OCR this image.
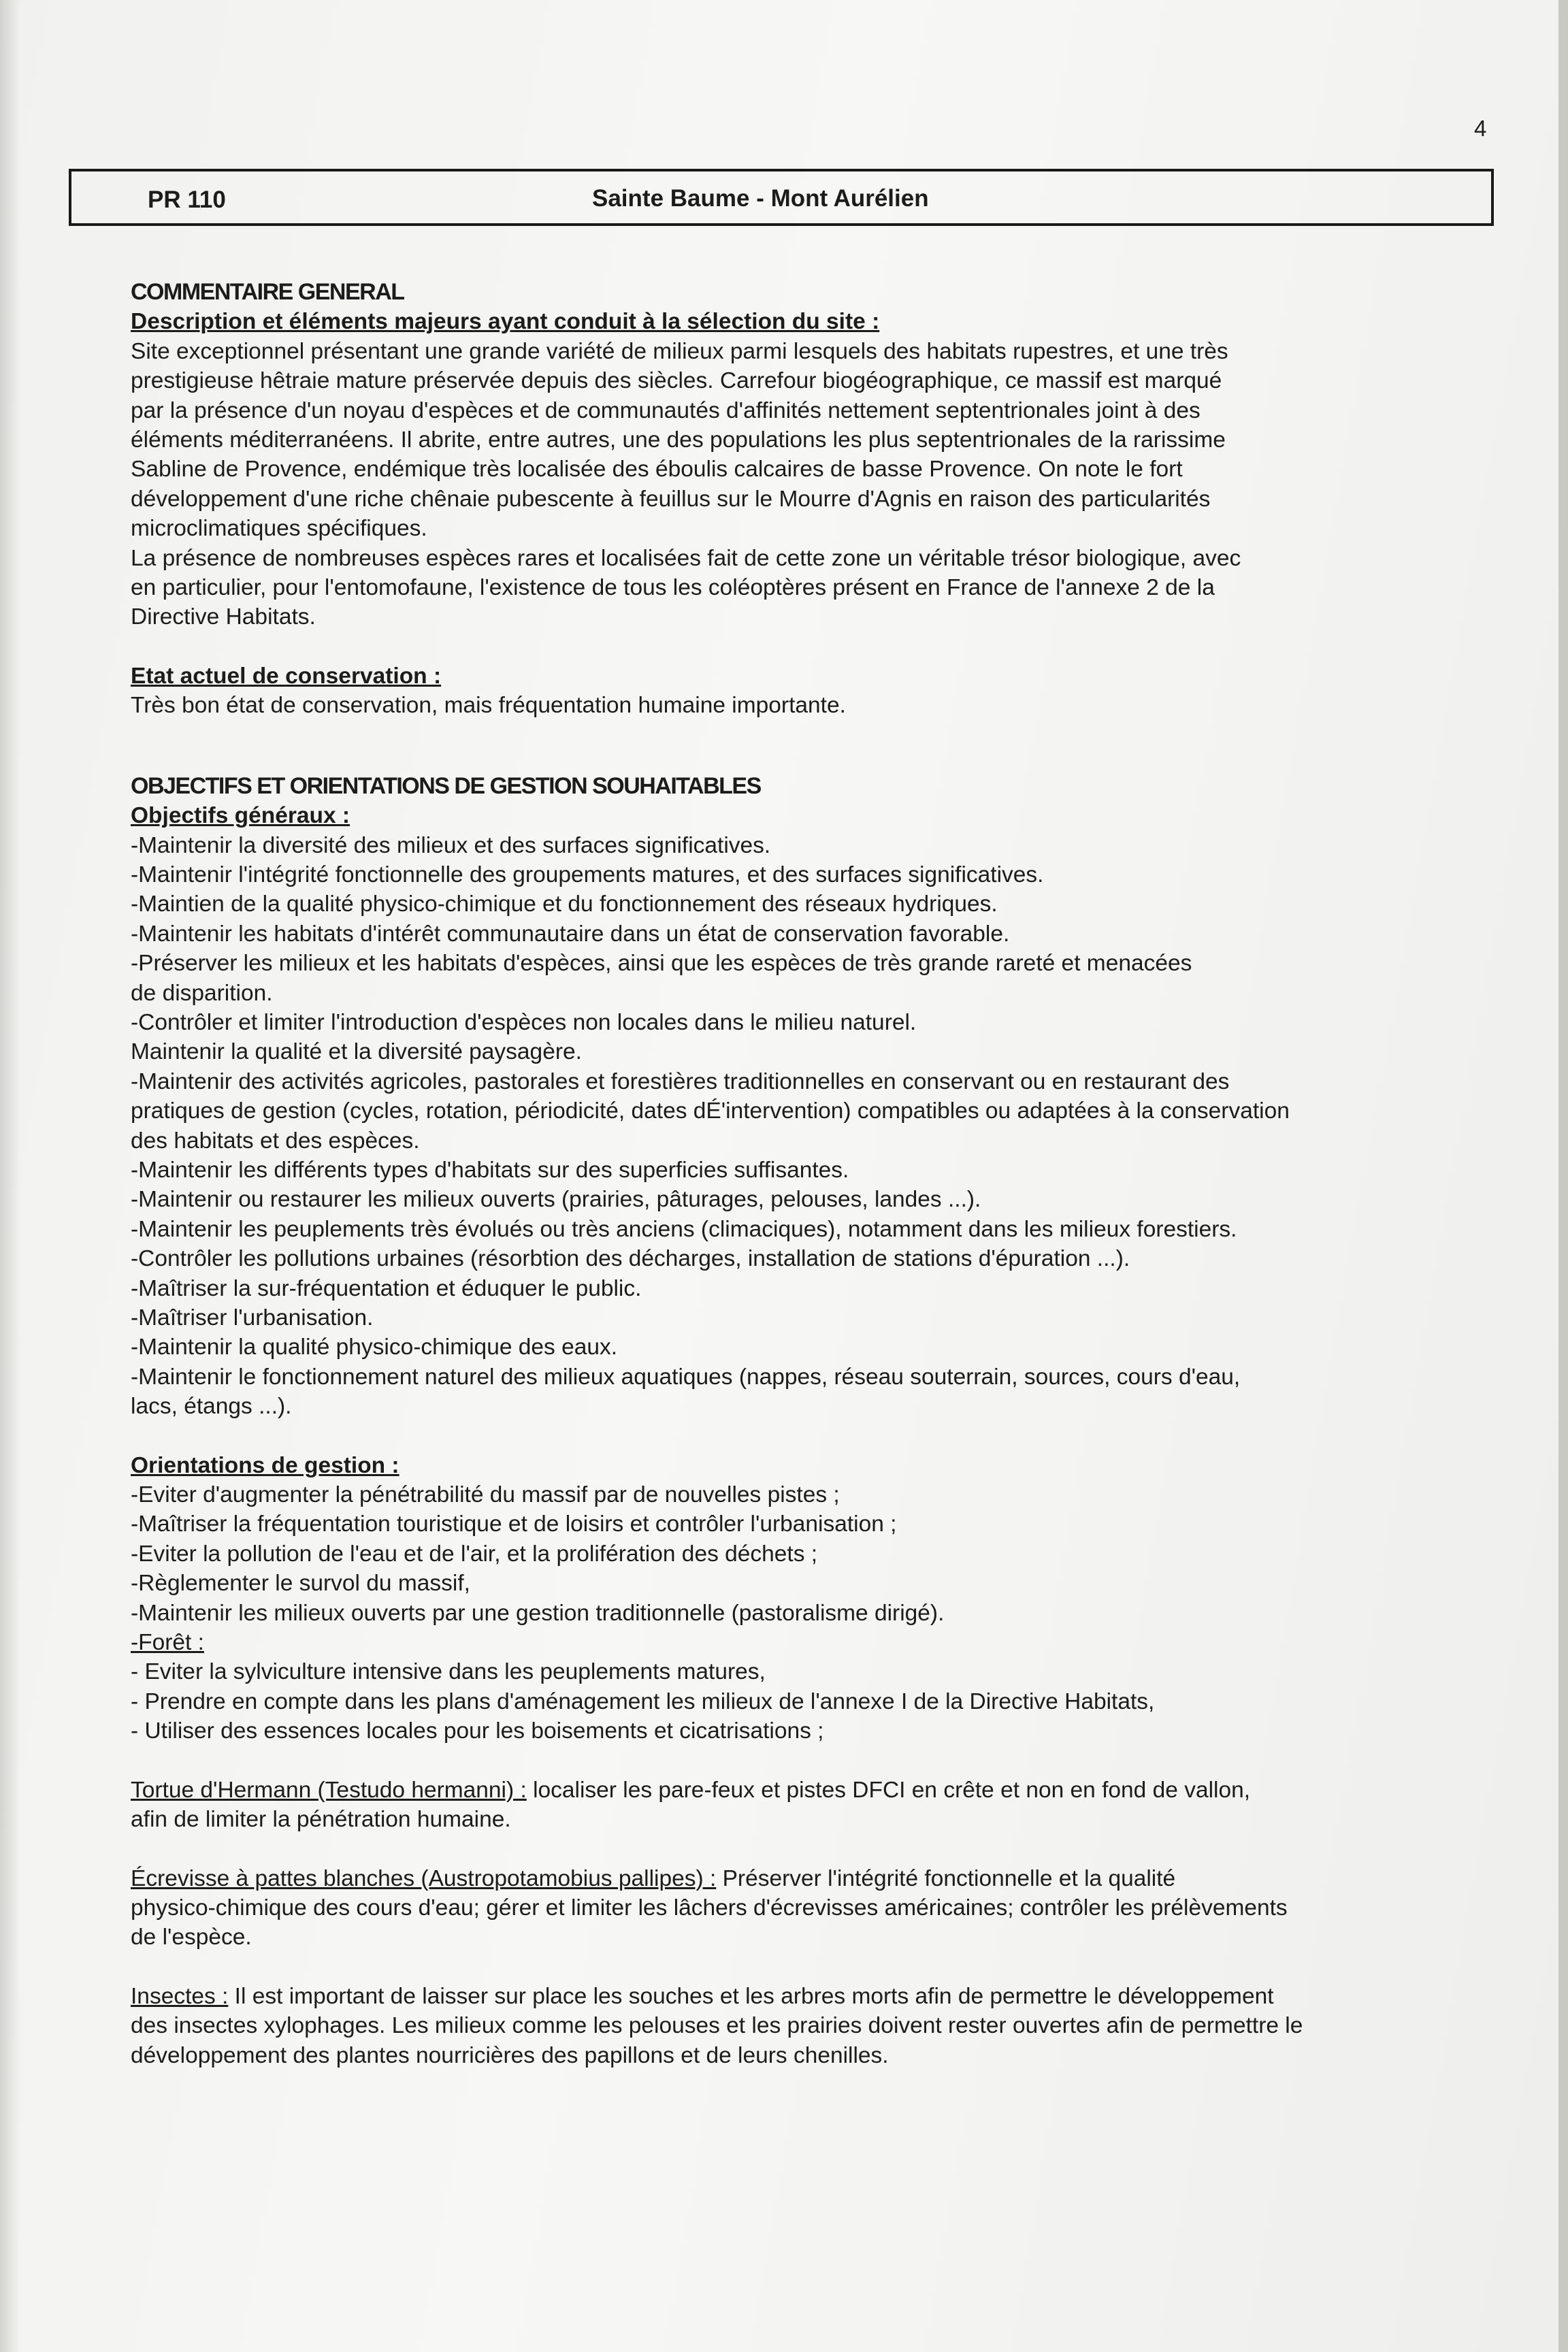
4
PR 110	Sainte Baume - Mont Aurélien

COMMENTAIRE GENERAL

Description et éléments majeurs ayant conduit à la sélection du site :

Site exceptionnel présentant une grande variété de milieux parmi lesquels des habitats rupestres, et une très

prestigieuse hêtraie mature préservée depuis des siècles. Carrefour biogéographique, ce massif est marqué

par la présence d'un noyau d'espèces et de communautés d'affinités nettement septentrionales joint à des

éléments méditerranéens. Il abrite, entre autres, une des populations les plus septentrionales de la rarissime

Sabline de Provence, endémique très localisée des éboulis calcaires de basse Provence. On note le fort

développement d'une riche chênaie pubescente à feuillus sur le Mourre d'Agnis en raison des particularités

microclimatiques spécifiques.

La présence de nombreuses espèces rares et localisées fait de cette zone un véritable trésor biologique, avec

en particulier, pour l'entomofaune, l'existence de tous les coléoptères présent en France de l'annexe 2 de la

Directive Habitats.

Etat actuel de conservation :

Très bon état de conservation, mais fréquentation humaine importante.

OBJECTIFS ET ORIENTATIONS DE GESTION SOUHAITABLES

Objectifs généraux :

-Maintenir la diversité des milieux et des surfaces significatives.

-Maintenir l'intégrité fonctionnelle des groupements matures, et des surfaces significatives.

-Maintien de la qualité physico-chimique et du fonctionnement des réseaux hydriques.

-Maintenir les habitats d'intérêt communautaire dans un état de conservation favorable.

-Préserver les milieux et les habitats d'espèces, ainsi que les espèces de très grande rareté et menacées

de disparition.

-Contrôler et limiter l'introduction d'espèces non locales dans le milieu naturel.

Maintenir la qualité et la diversité paysagère.

-Maintenir des activités agricoles, pastorales et forestières traditionnelles en conservant ou en restaurant des

pratiques de gestion (cycles, rotation, périodicité, dates dÉ'intervention) compatibles ou adaptées à la conservation

des habitats et des espèces.

-Maintenir les différents types d'habitats sur des superficies suffisantes.

-Maintenir ou restaurer les milieux ouverts (prairies, pâturages, pelouses, landes ...).

-Maintenir les peuplements très évolués ou très anciens (climaciques), notamment dans les milieux forestiers.

-Contrôler les pollutions urbaines (résorbtion des décharges, installation de stations d'épuration ...).

-Maîtriser la sur-fréquentation et éduquer le public.

-Maîtriser l'urbanisation.

-Maintenir la qualité physico-chimique des eaux.

-Maintenir le fonctionnement naturel des milieux aquatiques (nappes, réseau souterrain, sources, cours d'eau,

lacs, étangs ...).

Orientations de gestion :

-Eviter d'augmenter la pénétrabilité du massif par de nouvelles pistes ;

-Maîtriser la fréquentation touristique et de loisirs et contrôler l'urbanisation ;

-Eviter la pollution de l'eau et de l'air, et la prolifération des déchets ;

-Règlementer le survol du massif,

-Maintenir les milieux ouverts par une gestion traditionnelle (pastoralisme dirigé).

-Forêt :

- Eviter la sylviculture intensive dans les peuplements matures,

- Prendre en compte dans les plans d'aménagement les milieux de l'annexe I de la Directive Habitats,

- Utiliser des essences locales pour les boisements et cicatrisations ;

Tortue d'Hermann (Testudo hermanni) : localiser les pare-feux et pistes DFCI en crête et non en fond de vallon,

afin de limiter la pénétration humaine.

Écrevisse à pattes blanches (Austropotamobius pallipes) : Préserver l'intégrité fonctionnelle et la qualité

physico-chimique des cours d'eau; gérer et limiter les lâchers d'écrevisses américaines; contrôler les prélèvements

de l'espèce.

Insectes : Il est important de laisser sur place les souches et les arbres morts afin de permettre le développement

des insectes xylophages. Les milieux comme les pelouses et les prairies doivent rester ouvertes afin de permettre le

développement des plantes nourricières des papillons et de leurs chenilles.
